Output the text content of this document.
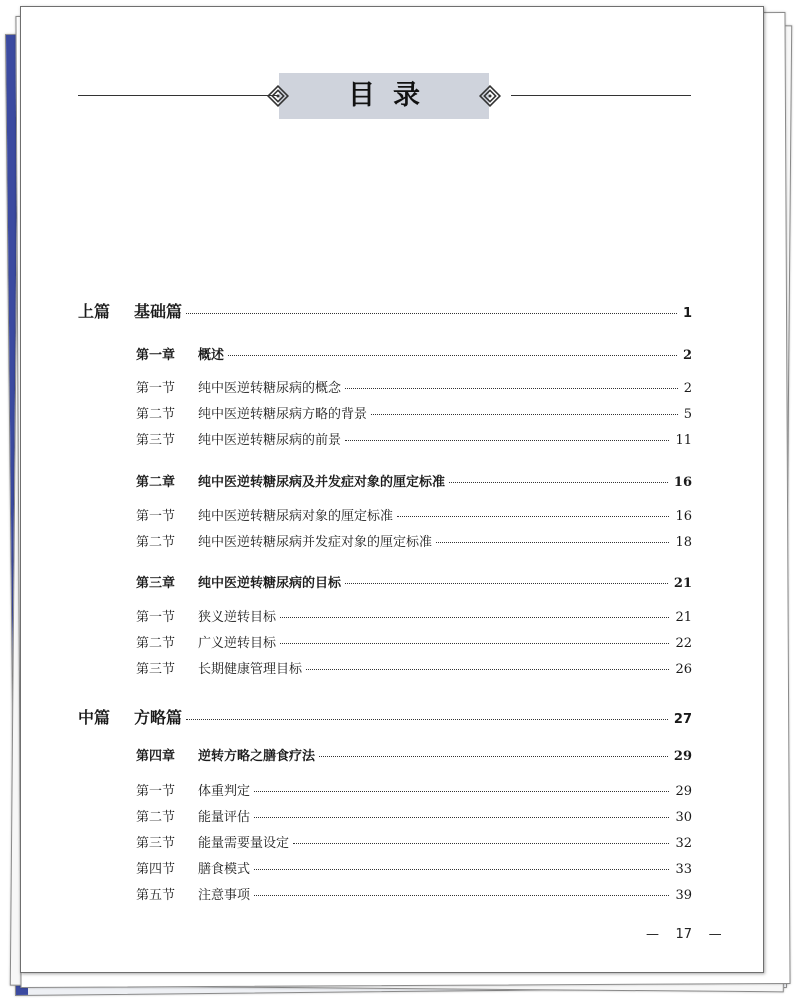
目录
上篇	基础篇	1
第一章	概述	2
第一节	纯中医逆转糖尿病的概念	2
第二节	纯中医逆转糖尿病方略的背景	5
第三节	纯中医逆转糖尿病的前景	11
第二章	纯中医逆转糖尿病及并发症对象的厘定标准	16
第一节	纯中医逆转糖尿病对象的厘定标准	16
第二节	纯中医逆转糖尿病并发症对象的厘定标准	18
第三章	纯中医逆转糖尿病的目标	21
第一节	狭义逆转目标	21
第二节	广义逆转目标	22
第三节	长期健康管理目标	26
中篇	方略篇	27
第四章	逆转方略之膳食疗法	29
第一节	体重判定	29
第二节	能量评估	30
第三节	能量需要量设定	32
第四节	膳食模式	33
第五节	注意事项	39
— 17 —
